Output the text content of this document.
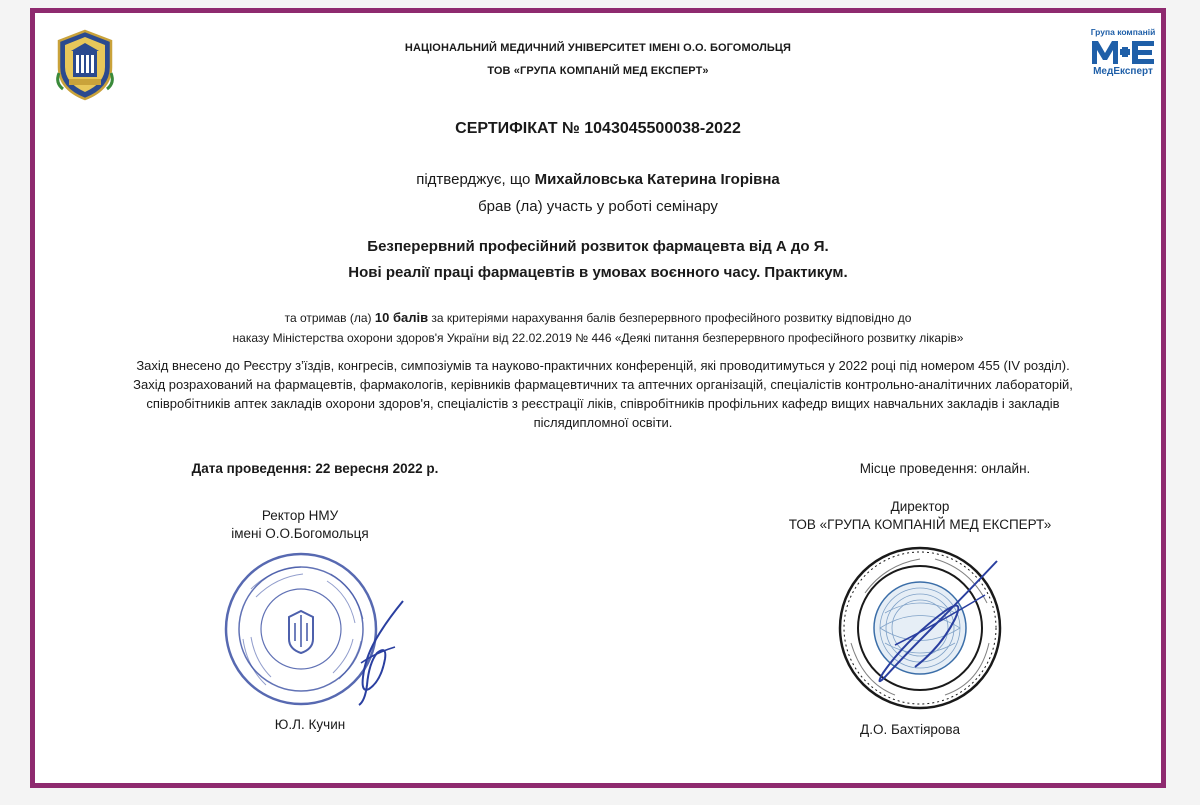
НАЦІОНАЛЬНИЙ МЕДИЧНИЙ УНІВЕРСИТЕТ ІМЕНІ О.О. БОГОМОЛЬЦЯ
ТОВ «ГРУПА КОМПАНІЙ МЕД ЕКСПЕРТ»
Група компаній
МедЕксперт
СЕРТИФІКАТ № 1043045500038-2022
підтверджує, що Михайловська Катерина Ігорівна
брав (ла) участь у роботі семінару
Безперервний професійний розвиток фармацевта від А до Я.
Нові реалії праці фармацевтів в умовах воєнного часу. Практикум.
та отримав (ла) 10 балів за критеріями нарахування балів безперервного професійного розвитку відповідно до
наказу Міністерства охорони здоров'я України від 22.02.2019 № 446 «Деякі питання безперервного професійного розвитку лікарів»
Захід внесено до Реєстру з’їздів, конгресів, симпозіумів та науково-практичних конференцій, які проводитимуться у 2022 році під номером 455 (IV розділ).
Захід розрахований на фармацевтів, фармакологів, керівників фармацевтичних та аптечних організацій, спеціалістів контрольно-аналітичних лабораторій,
співробітників аптек закладів охорони здоров'я, спеціалістів з реєстрації ліків, співробітників профільних кафедр вищих навчальних закладів і закладів
післядипломної освіти.
Дата проведення: 22 вересня 2022 р.	Місце проведення: онлайн.
Ректор НМУ
імені О.О.Богомольця
Ю.Л. Кучин
Директор
ТОВ «ГРУПА КОМПАНІЙ МЕД ЕКСПЕРТ»
Д.О. Бахтіярова
